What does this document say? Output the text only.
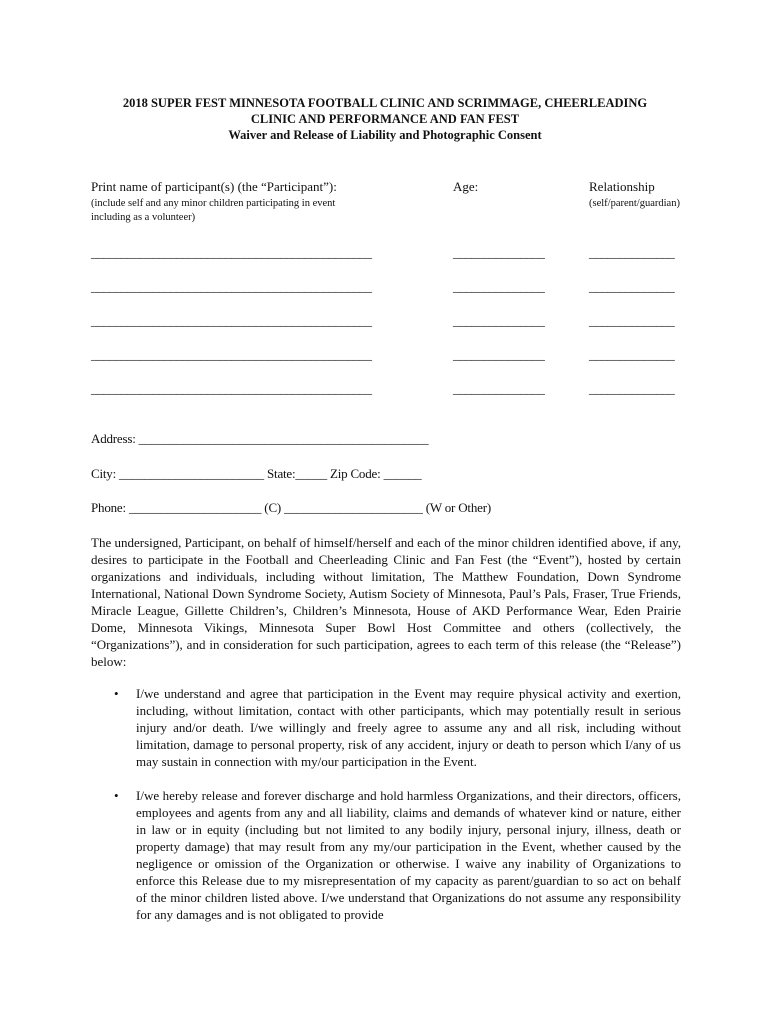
2018 SUPER FEST MINNESOTA FOOTBALL CLINIC AND SCRIMMAGE, CHEERLEADING
CLINIC AND PERFORMANCE AND FAN FEST
Waiver and Release of Liability and Photographic Consent
Print name of participant(s) (the “Participant”):
(include self and any minor children participating in event
including as a volunteer)
Age:	Relationship
(self/parent/guardian)
______________________________________________	_______________	______________
______________________________________________	_______________	______________
______________________________________________	_______________	______________
______________________________________________	_______________	______________
______________________________________________	_______________	______________
Address: ______________________________________________
City: _______________________ State:_____ Zip Code: ______
Phone: _____________________ (C) ______________________ (W or Other)
The undersigned, Participant, on behalf of himself/herself and each of the minor children identified above, if any, desires to participate in the Football and Cheerleading Clinic and Fan Fest (the “Event”), hosted by certain organizations and individuals, including without limitation, The Matthew Foundation, Down Syndrome International, National Down Syndrome Society, Autism Society of Minnesota, Paul’s Pals, Fraser, True Friends, Miracle League, Gillette Children’s, Children’s Minnesota, House of AKD Performance Wear, Eden Prairie Dome, Minnesota Vikings, Minnesota Super Bowl Host Committee and others (collectively, the “Organizations”), and in consideration for such participation, agrees to each term of this release (the “Release”) below:
• I/we understand and agree that participation in the Event may require physical activity and exertion, including, without limitation, contact with other participants, which may potentially result in serious injury and/or death. I/we willingly and freely agree to assume any and all risk, including without limitation, damage to personal property, risk of any accident, injury or death to person which I/any of us may sustain in connection with my/our participation in the Event.
• I/we hereby release and forever discharge and hold harmless Organizations, and their directors, officers, employees and agents from any and all liability, claims and demands of whatever kind or nature, either in law or in equity (including but not limited to any bodily injury, personal injury, illness, death or property damage) that may result from any my/our participation in the Event, whether caused by the negligence or omission of the Organization or otherwise. I waive any inability of Organizations to enforce this Release due to my misrepresentation of my capacity as parent/guardian to so act on behalf of the minor children listed above. I/we understand that Organizations do not assume any responsibility for any damages and is not obligated to provide
